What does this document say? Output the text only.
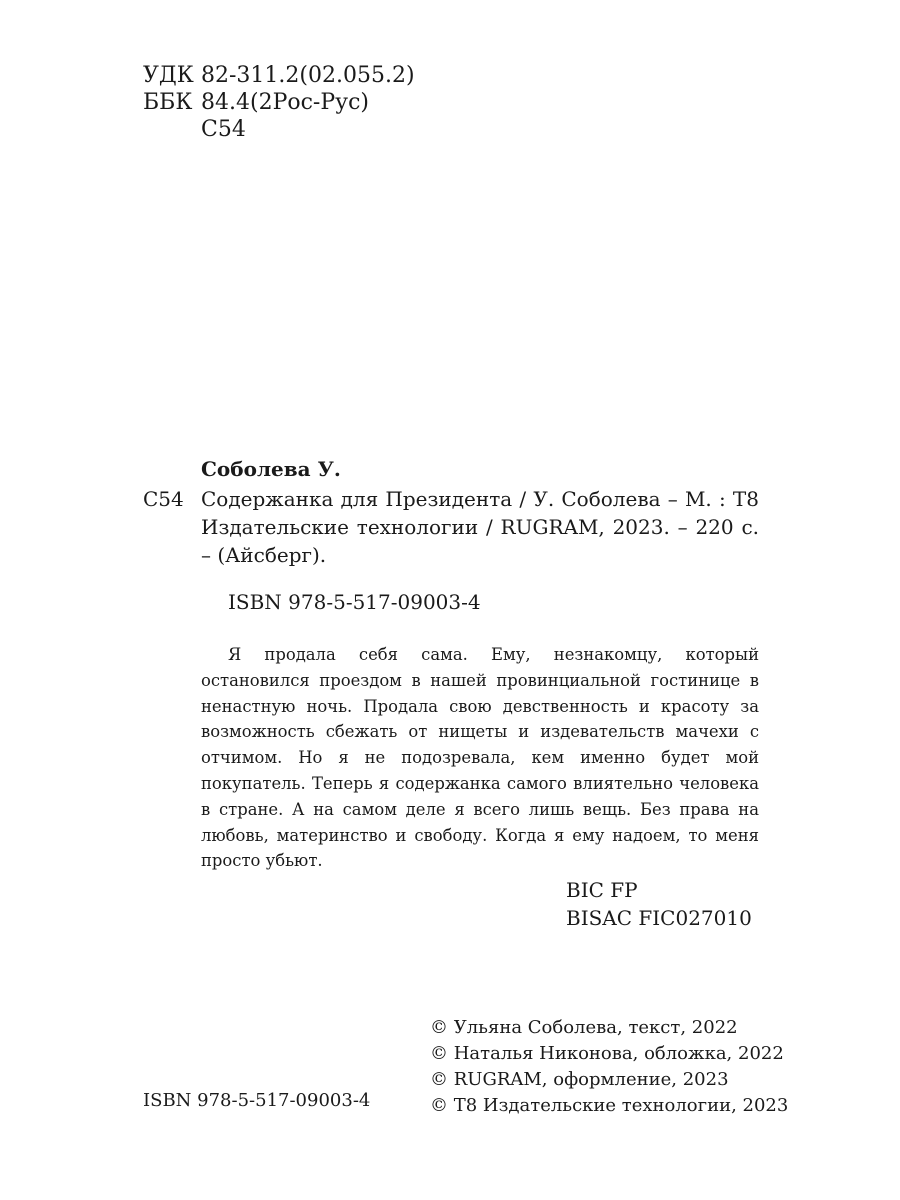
УДК 82-311.2(02.055.2)
ББК 84.4(2Рос-Рус)
С54
Соболева У.
С54 Содержанка для Президента / У. Соболева – М. : Т8 Издательские технологии / RUGRAM, 2023. – 220 с. – (Айсберг).
ISBN 978-5-517-09003-4
Я продала себя сама. Ему, незнакомцу, который остановился проездом в нашей провинциальной гостинице в ненастную ночь. Продала свою девственность и красоту за возможность сбежать от нищеты и издевательств мачехи с отчимом. Но я не подозревала, кем именно будет мой покупатель. Теперь я содержанка самого влиятельно человека в стране. А на самом деле я всего лишь вещь. Без права на любовь, материнство и свободу. Когда я ему надоем, то меня просто убьют.
BIC FP
BISAC FIC027010
© Ульяна Соболева, текст, 2022
© Наталья Никонова, обложка, 2022
© RUGRAM, оформление, 2023
© Т8 Издательские технологии, 2023
ISBN 978-5-517-09003-4
